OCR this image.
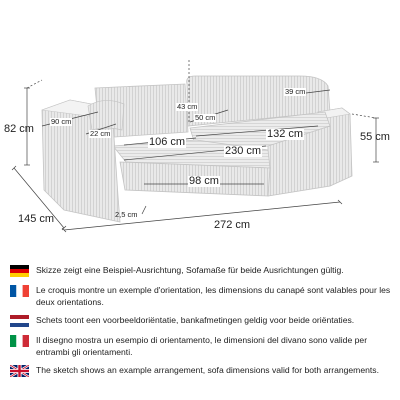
82 cm
43 cm
39 cm
90 cm	50 cm
22 cm
106 cm
132 cm	55 cm
230 cm
98 cm
145 cm	2,5 cm
272 cm
Skizze zeigt eine Beispiel-Ausrichtung, Sofamaße für beide Ausrichtungen gültig.
Le croquis montre un exemple d'orientation, les dimensions du canapé sont valables pour les deux orientations.
Schets toont een voorbeeldoriëntatie, bankafmetingen geldig voor beide oriëntaties.
Il disegno mostra un esempio di orientamento, le dimensioni del divano sono valide per entrambi gli orientamenti.
The sketch shows an example arrangement, sofa dimensions valid for both arrangements.
